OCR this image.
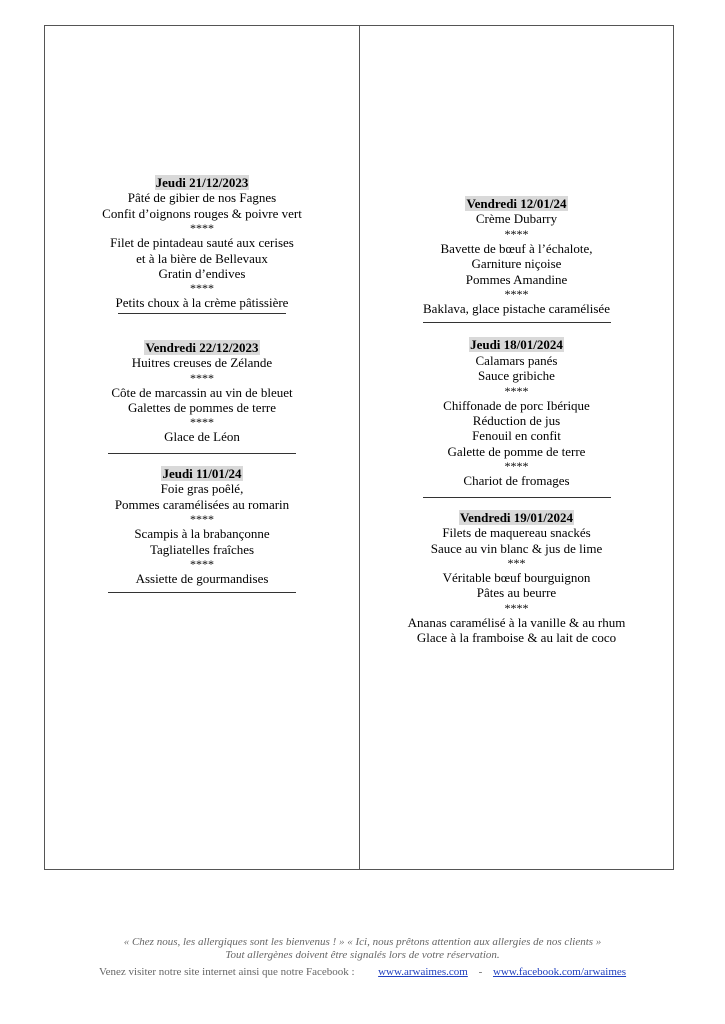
Jeudi 21/12/2023
Pâté de gibier de nos Fagnes
Confit d’oignons rouges & poivre vert
****
Filet de pintadeau sauté aux cerises
et à la bière de Bellevaux
Gratin d’endives
****
Petits choux à la crème pâtissière
Vendredi 22/12/2023
Huitres creuses de Zélande
****
Côte de marcassin au vin de bleuet
Galettes de pommes de terre
****
Glace de Léon
Jeudi 11/01/24
Foie gras poêlé,
Pommes caramélisées au romarin
****
Scampis à la brabançonne
Tagliatelles fraîches
****
Assiette de gourmandises
Vendredi 12/01/24
Crème Dubarry
****
Bavette de bœuf à l’échalote,
Garniture niçoise
Pommes Amandine
****
Baklava, glace pistache caramélisée
Jeudi 18/01/2024
Calamars panés
Sauce gribiche
****
Chiffonade de porc Ibérique
Réduction de jus
Fenouil en confit
Galette de pomme de terre
****
Chariot de fromages
Vendredi 19/01/2024
Filets de maquereau snackés
Sauce au vin blanc & jus de lime
***
Véritable bœuf bourguignon
Pâtes au beurre
****
Ananas caramélisé à la vanille & au rhum
Glace à la framboise & au lait de coco
« Chez nous, les allergiques sont les bienvenus ! » « Ici, nous prêtons attention aux allergies de nos clients »
Tout allergènes doivent être signalés lors de votre réservation.
Venez visiter notre site internet ainsi que notre Facebook : www.arwaimes.com - www.facebook.com/arwaimes
